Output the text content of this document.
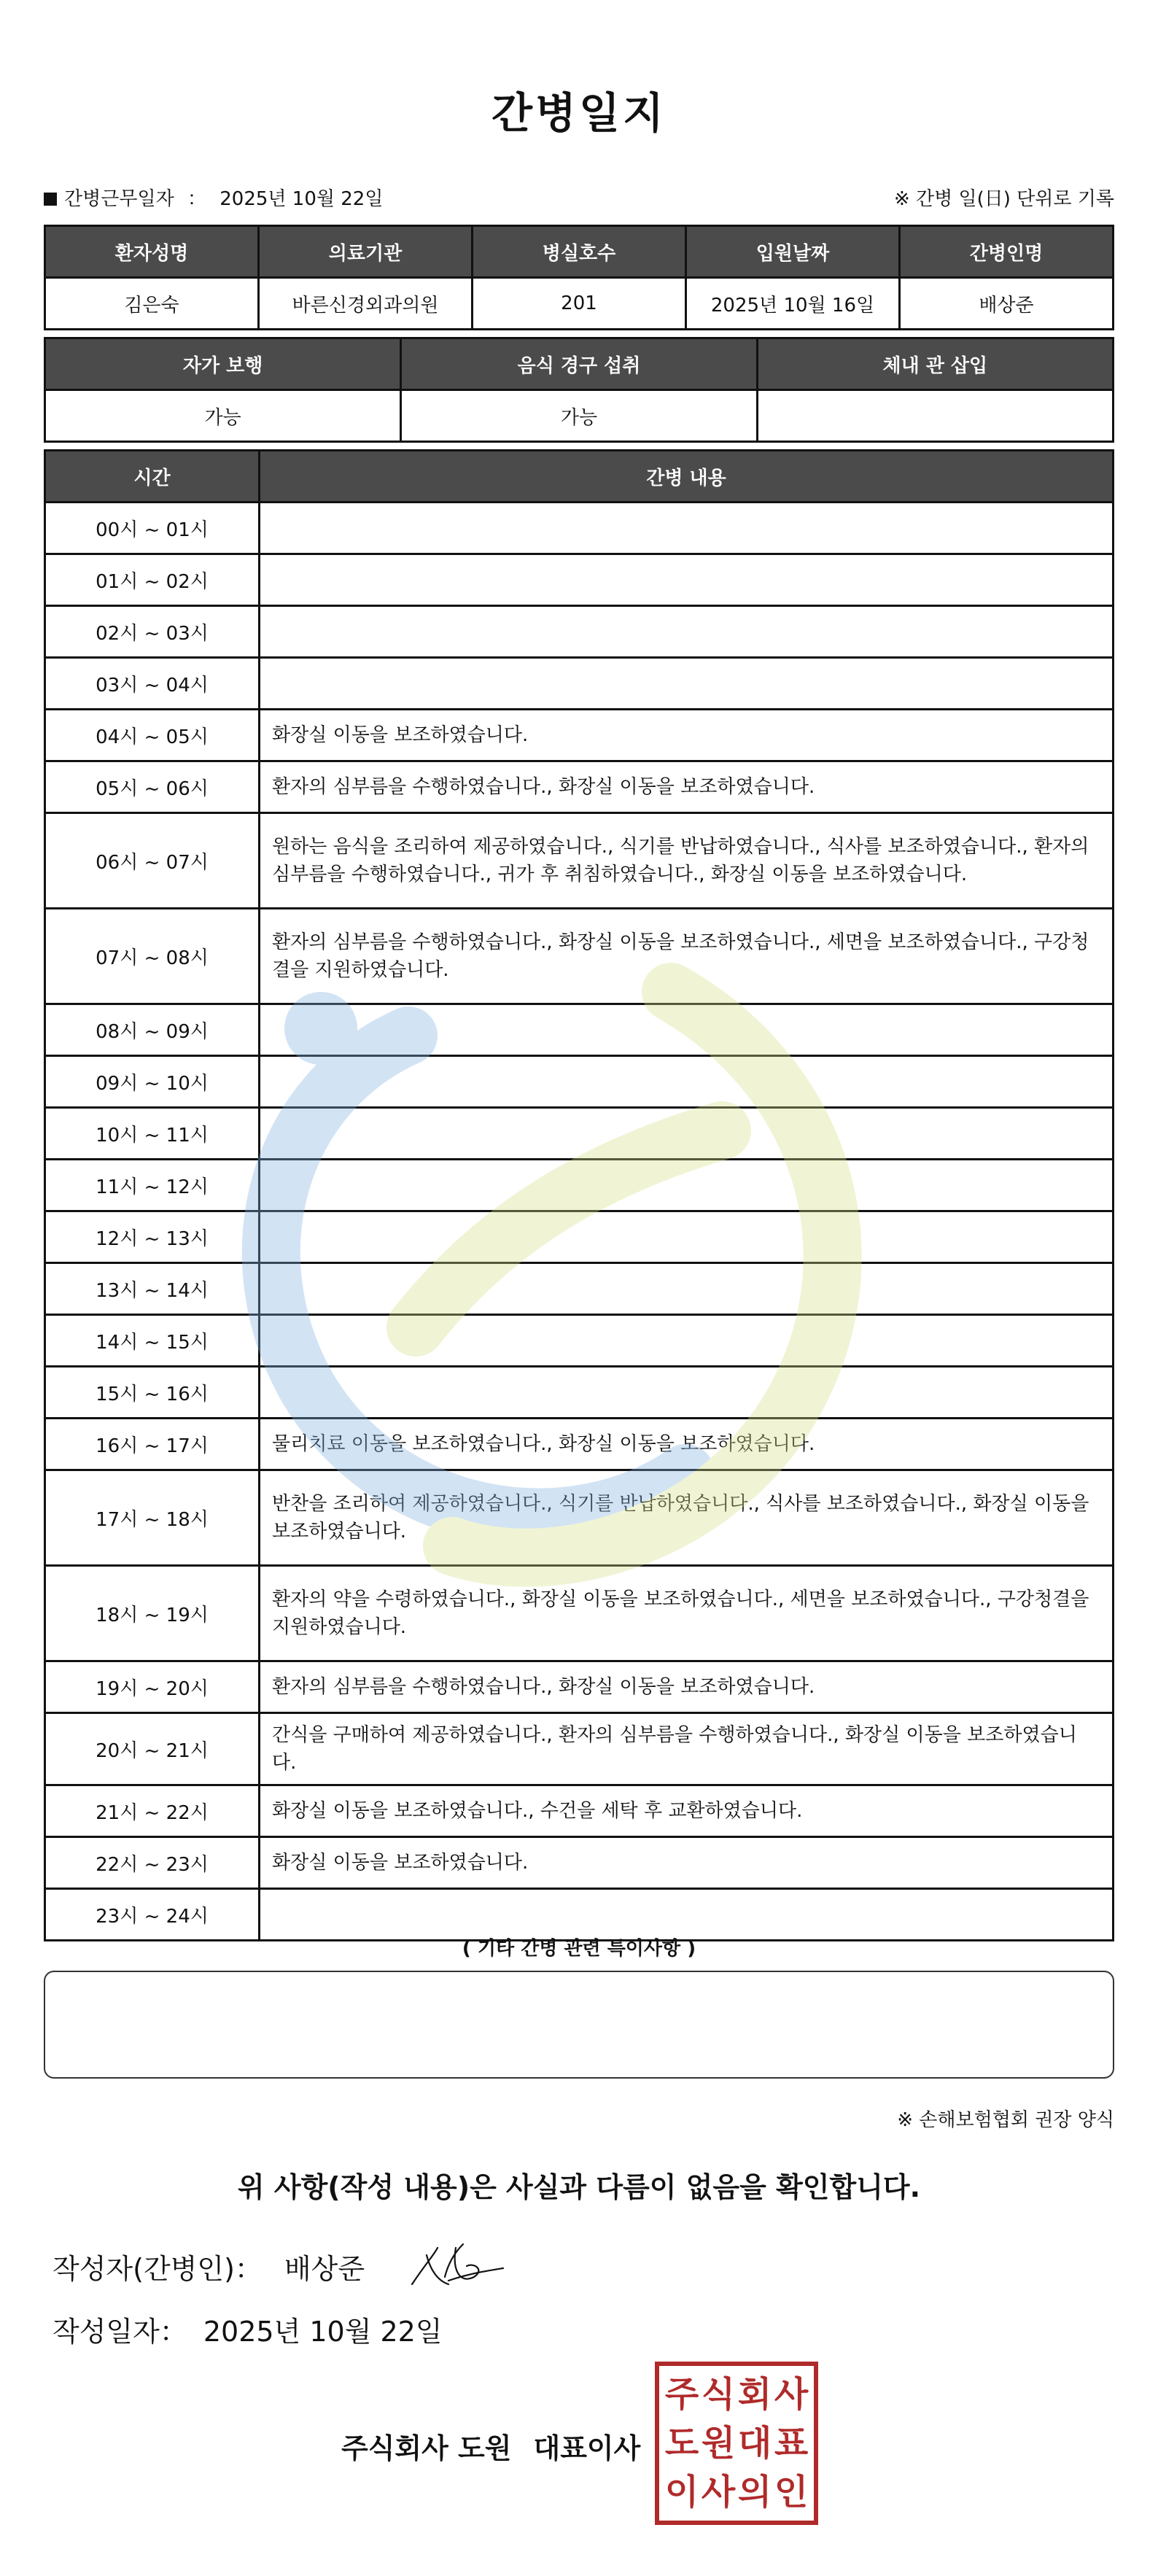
간병일지
간병근무일자 ： 2025년 10월 22일	※ 간병 일(日) 단위로 기록
환자성명	의료기관	병실호수	입원날짜	간병인명
김은숙	바른신경외과의원	201	2025년 10월 16일	배상준
자가 보행	음식 경구 섭취	체내 관 삽입
가능	가능	
시간	간병 내용
00시 ~ 01시	
01시 ~ 02시	
02시 ~ 03시	
03시 ~ 04시	
04시 ~ 05시	화장실 이동을 보조하였습니다.
05시 ~ 06시	환자의 심부름을 수행하였습니다., 화장실 이동을 보조하였습니다.
06시 ~ 07시	원하는 음식을 조리하여 제공하였습니다., 식기를 반납하였습니다., 식사를 보조하였습니다., 환자의 심부름을 수행하였습니다., 귀가 후 취침하였습니다., 화장실 이동을 보조하였습니다.
07시 ~ 08시	환자의 심부름을 수행하였습니다., 화장실 이동을 보조하였습니다., 세면을 보조하였습니다., 구강청결을 지원하였습니다.
08시 ~ 09시	
09시 ~ 10시	
10시 ~ 11시	
11시 ~ 12시	
12시 ~ 13시	
13시 ~ 14시	
14시 ~ 15시	
15시 ~ 16시	
16시 ~ 17시	물리치료 이동을 보조하였습니다., 화장실 이동을 보조하였습니다.
17시 ~ 18시	반찬을 조리하여 제공하였습니다., 식기를 반납하였습니다., 식사를 보조하였습니다., 화장실 이동을 보조하였습니다.
18시 ~ 19시	환자의 약을 수령하였습니다., 화장실 이동을 보조하였습니다., 세면을 보조하였습니다., 구강청결을 지원하였습니다.
19시 ~ 20시	환자의 심부름을 수행하였습니다., 화장실 이동을 보조하였습니다.
20시 ~ 21시	간식을 구매하여 제공하였습니다., 환자의 심부름을 수행하였습니다., 화장실 이동을 보조하였습니다.
21시 ~ 22시	화장실 이동을 보조하였습니다., 수건을 세탁 후 교환하였습니다.
22시 ~ 23시	화장실 이동을 보조하였습니다.
23시 ~ 24시	
( 기타 간병 관련 특이사항 )
※ 손해보험협회 권장 양식
위 사항(작성 내용)은 사실과 다름이 없음을 확인합니다.
작성자(간병인)： 배상준
작성일자： 2025년 10월 22일
주식회사 도원 대표이사
주 식 회 사
도 원 대 표
이 사 의 인
